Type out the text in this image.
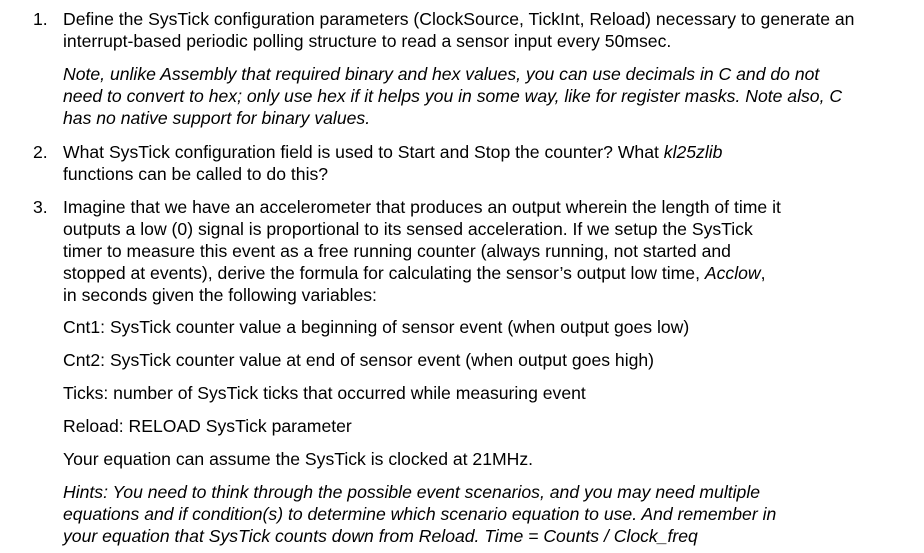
1. Define the SysTick configuration parameters (ClockSource, TickInt, Reload) necessary to generate an interrupt-based periodic polling structure to read a sensor input every 50msec.
Note, unlike Assembly that required binary and hex values, you can use decimals in C and do not need to convert to hex; only use hex if it helps you in some way, like for register masks. Note also, C has no native support for binary values.
2. What SysTick configuration field is used to Start and Stop the counter? What kl25zlib
functions can be called to do this?
3. Imagine that we have an accelerometer that produces an output wherein the length of time it
outputs a low (0) signal is proportional to its sensed acceleration. If we setup the SysTick
timer to measure this event as a free running counter (always running, not started and
stopped at events), derive the formula for calculating the sensor’s output low time, Acclow,
in seconds given the following variables:
Cnt1: SysTick counter value a beginning of sensor event (when output goes low)
Cnt2: SysTick counter value at end of sensor event (when output goes high)
Ticks: number of SysTick ticks that occurred while measuring event
Reload: RELOAD SysTick parameter
Your equation can assume the SysTick is clocked at 21MHz.
Hints: You need to think through the possible event scenarios, and you may need multiple
equations and if condition(s) to determine which scenario equation to use. And remember in
your equation that SysTick counts down from Reload. Time = Counts / Clock_freq
